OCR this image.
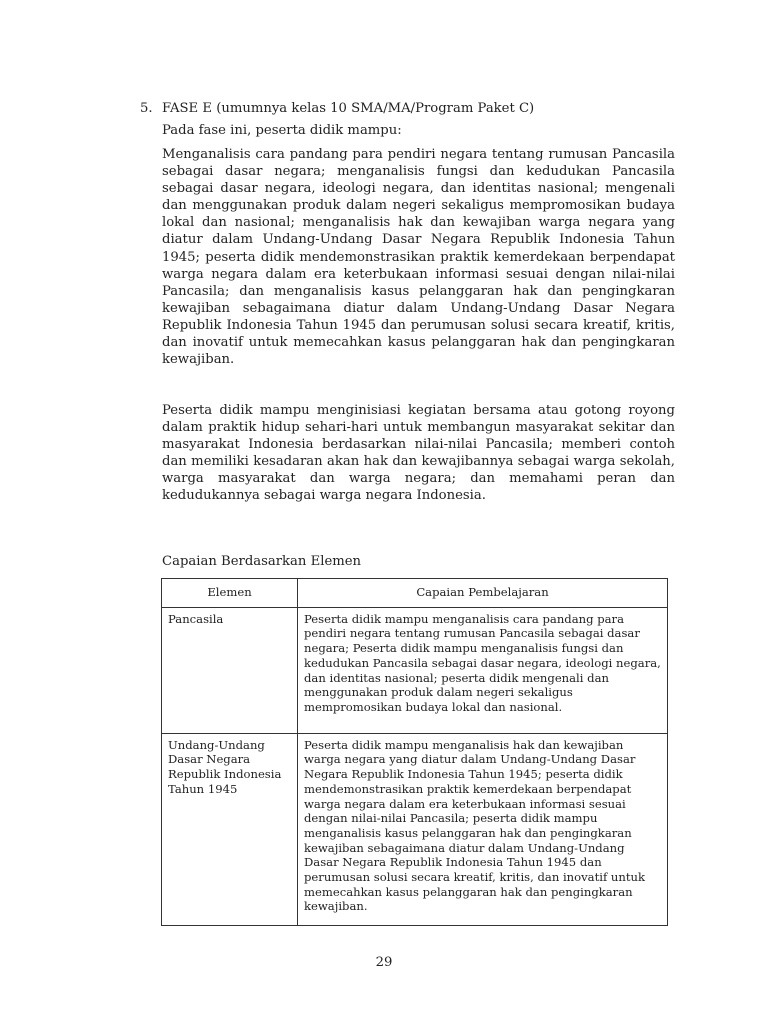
5. FASE E (umumnya kelas 10 SMA/MA/Program Paket C)
Pada fase ini, peserta didik mampu:

Menganalisis cara pandang para pendiri negara tentang rumusan Pancasila sebagai dasar negara; menganalisis fungsi dan kedudukan Pancasila sebagai dasar negara, ideologi negara, dan identitas nasional; mengenali dan menggunakan produk dalam negeri sekaligus mempromosikan budaya lokal dan nasional; menganalisis hak dan kewajiban warga negara yang diatur dalam Undang-Undang Dasar Negara Republik Indonesia Tahun 1945; peserta didik mendemonstrasikan praktik kemerdekaan berpendapat warga negara dalam era keterbukaan informasi sesuai dengan nilai-nilai Pancasila; dan menganalisis kasus pelanggaran hak dan pengingkaran kewajiban sebagaimana diatur dalam Undang-Undang Dasar Negara Republik Indonesia Tahun 1945 dan perumusan solusi secara kreatif, kritis, dan inovatif untuk memecahkan kasus pelanggaran hak dan pengingkaran kewajiban.

Peserta didik mampu menginisiasi kegiatan bersama atau gotong royong dalam praktik hidup sehari-hari untuk membangun masyarakat sekitar dan masyarakat Indonesia berdasarkan nilai-nilai Pancasila; memberi contoh dan memiliki kesadaran akan hak dan kewajibannya sebagai warga sekolah, warga masyarakat dan warga negara; dan memahami peran dan kedudukannya sebagai warga negara Indonesia.

Capaian Berdasarkan Elemen
Elemen	Capaian Pembelajaran
Pancasila	Peserta didik mampu menganalisis cara pandang para pendiri negara tentang rumusan Pancasila sebagai dasar negara; Peserta didik mampu menganalisis fungsi dan kedudukan Pancasila sebagai dasar negara, ideologi negara, dan identitas nasional; peserta didik mengenali dan menggunakan produk dalam negeri sekaligus mempromosikan budaya lokal dan nasional.
Undang-Undang Dasar Negara Republik Indonesia Tahun 1945	Peserta didik mampu menganalisis hak dan kewajiban warga negara yang diatur dalam Undang-Undang Dasar Negara Republik Indonesia Tahun 1945; peserta didik mendemonstrasikan praktik kemerdekaan berpendapat warga negara dalam era keterbukaan informasi sesuai dengan nilai-nilai Pancasila; peserta didik mampu menganalisis kasus pelanggaran hak dan pengingkaran kewajiban sebagaimana diatur dalam Undang-Undang Dasar Negara Republik Indonesia Tahun 1945 dan perumusan solusi secara kreatif, kritis, dan inovatif untuk memecahkan kasus pelanggaran hak dan pengingkaran kewajiban.
29
